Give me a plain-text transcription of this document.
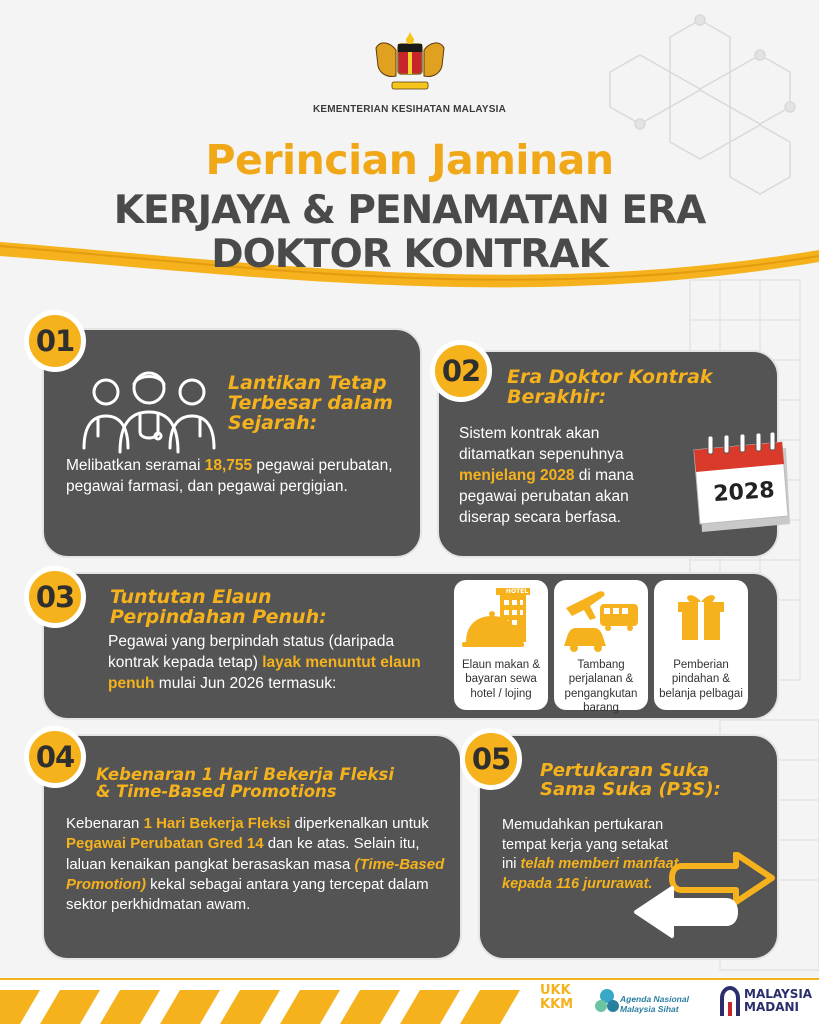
KEMENTERIAN KESIHATAN MALAYSIA
Perincian Jaminan
KERJAYA & PENAMATAN ERA
DOKTOR KONTRAK
Lantikan Tetap
Terbesar dalam
Sejarah:
Melibatkan seramai 18,755 pegawai perubatan, pegawai farmasi, dan pegawai pergigian.
01
Era Doktor Kontrak
Berakhir:
Sistem kontrak akan ditamatkan sepenuhnya menjelang 2028 di mana pegawai perubatan akan diserap secara berfasa.
02
2028
Tuntutan Elaun
Perpindahan Penuh:
Pegawai yang berpindah status (daripada kontrak kepada tetap) layak menuntut elaun penuh mulai Jun 2026 termasuk:
03	HOTEL
Elaun makan & bayaran sewa hotel / lojing
Tambang perjalanan & pengangkutan barang
Pemberian pindahan & belanja pelbagai
Kebenaran 1 Hari Bekerja Fleksi
& Time-Based Promotions
Kebenaran 1 Hari Bekerja Fleksi diperkenalkan untuk Pegawai Perubatan Gred 14 dan ke atas. Selain itu, laluan kenaikan pangkat berasaskan masa (Time-Based Promotion) kekal sebagai antara yang tercepat dalam sektor perkhidmatan awam.
04	Pertukaran Suka
Sama Suka (P3S):
Memudahkan pertukaran tempat kerja yang setakat ini telah memberi manfaat kepada 116 jururawat.
05
UKK
KKM	Agenda Nasional
Malaysia Sihat
MALAYSIA
MADANI
